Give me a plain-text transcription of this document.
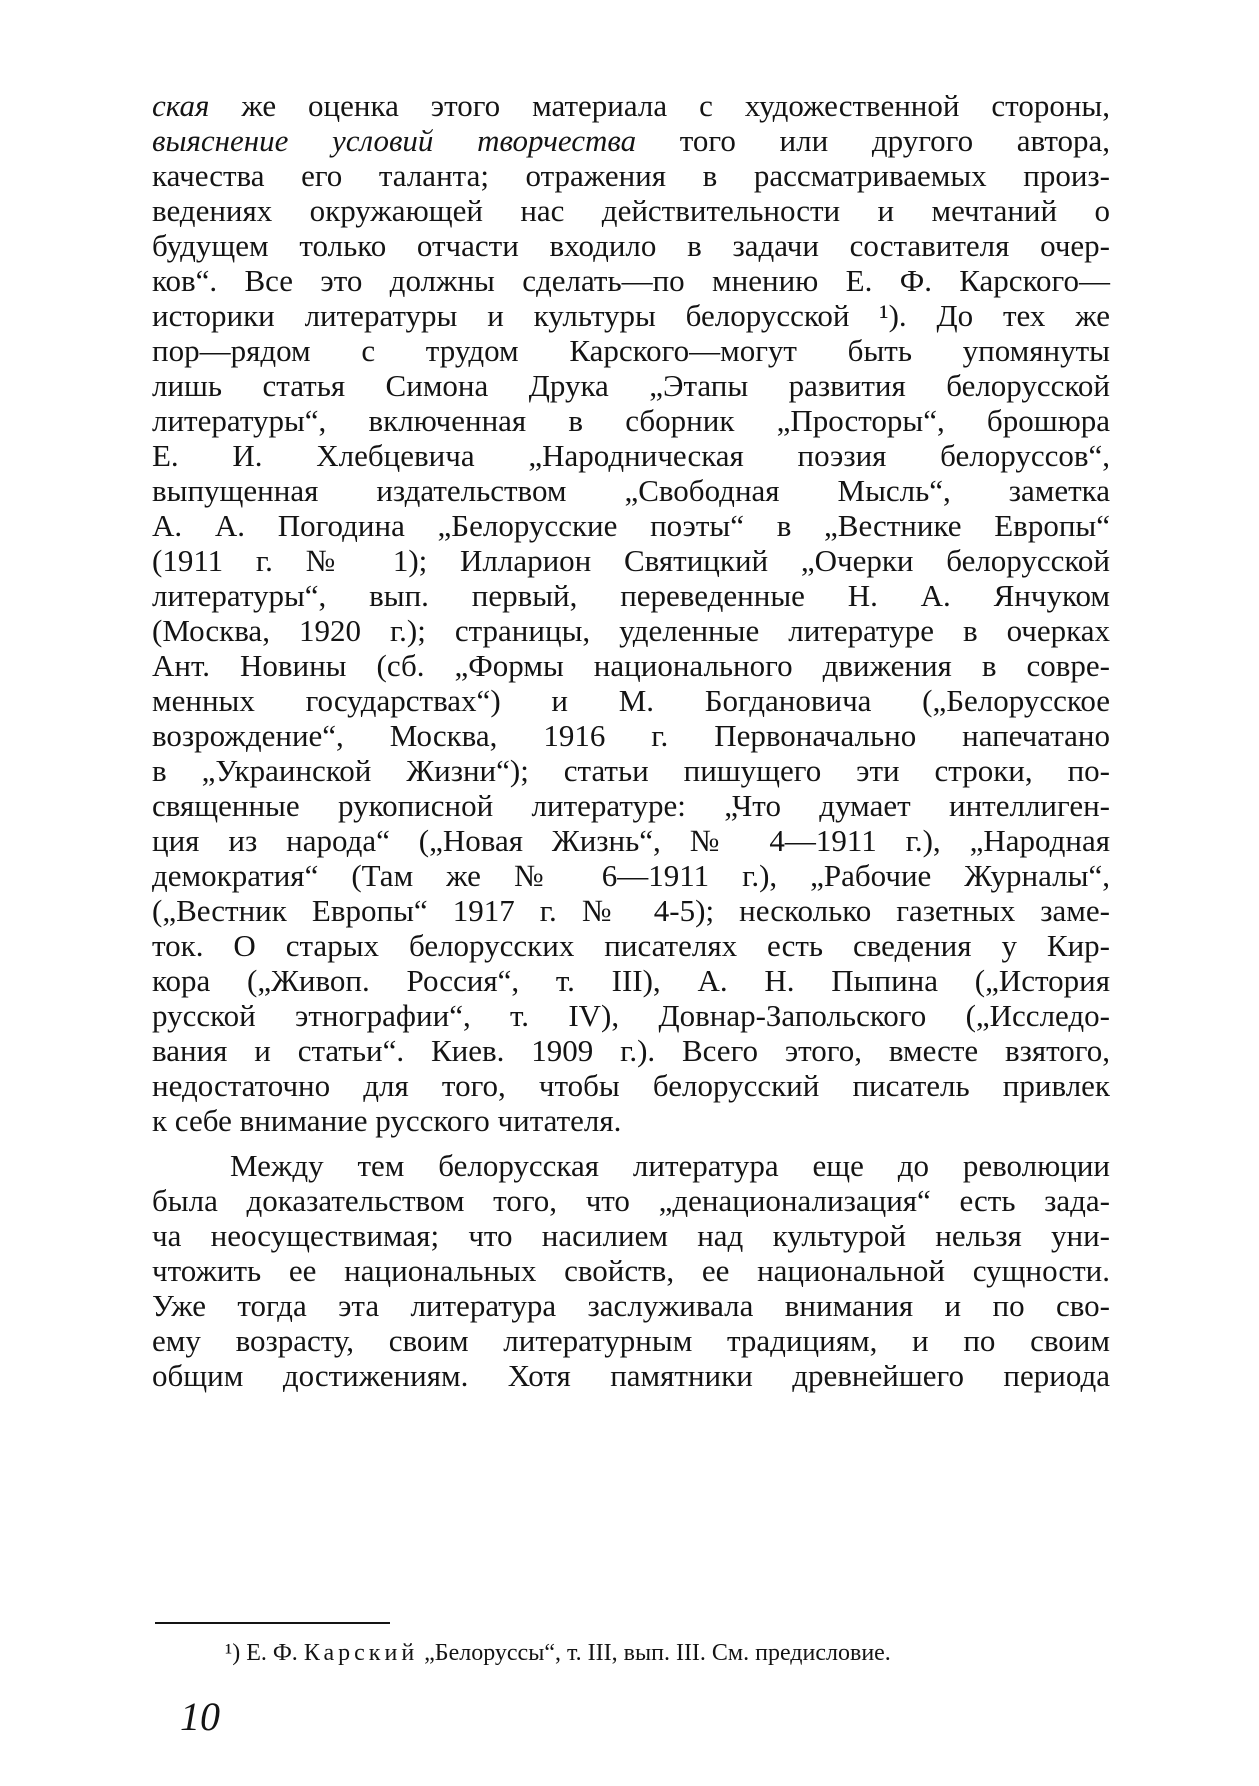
ская же оценка этого материала с художественной стороны,
выяснение условий творчества того или другого автора,
качества его таланта; отражения в рассматриваемых произ-
ведениях окружающей нас действительности и мечтаний о
будущем только отчасти входило в задачи составителя очер-
ков“. Все это должны сделать—по мнению Е. Ф. Карского—
историки литературы и культуры белорусской ¹). До тех же
пор—рядом с трудом Карского—могут быть упомянуты
лишь статья Симона Друка „Этапы развития белорусской
литературы“, включенная в сборник „Просторы“, брошюра
Е. И. Хлебцевича „Народническая поэзия белоруссов“,
выпущенная издательством „Свободная Мысль“, заметка
А. А. Погодина „Белорусские поэты“ в „Вестнике Европы“
(1911 г. № 1); Илларион Святицкий „Очерки белорусской
литературы“, вып. первый, переведенные Н. А. Янчуком
(Москва, 1920 г.); страницы, уделенные литературе в очерках
Ант. Новины (сб. „Формы национального движения в совре-
менных государствах“) и М. Богдановича („Белорусское
возрождение“, Москва, 1916 г. Первоначально напечатано
в „Украинской Жизни“); статьи пишущего эти строки, по-
священные рукописной литературе: „Что думает интеллиген-
ция из народа“ („Новая Жизнь“, № 4—1911 г.), „Народная
демократия“ (Там же № 6—1911 г.), „Рабочие Журналы“,
(„Вестник Европы“ 1917 г. № 4-5); несколько газетных заме-
ток. О старых белорусских писателях есть сведения у Кир-
кора („Живоп. Россия“, т. III), А. Н. Пыпина („История
русской этнографии“, т. IV), Довнар-Запольского („Исследо-
вания и статьи“. Киев. 1909 г.). Всего этого, вместе взятого,
недостаточно для того, чтобы белорусский писатель привлек
к себе внимание русского читателя.
Между тем белорусская литература еще до революции
была доказательством того, что „денационализация“ есть зада-
ча неосуществимая; что насилием над культурой нельзя уни-
чтожить ее национальных свойств, ее национальной сущности.
Уже тогда эта литература заслуживала внимания и по сво-
ему возрасту, своим литературным традициям, и по своим
общим достижениям. Хотя памятники древнейшего периода
¹) Е. Ф. Карский „Белоруссы“, т. III, вып. III. См. предисловие.
10
